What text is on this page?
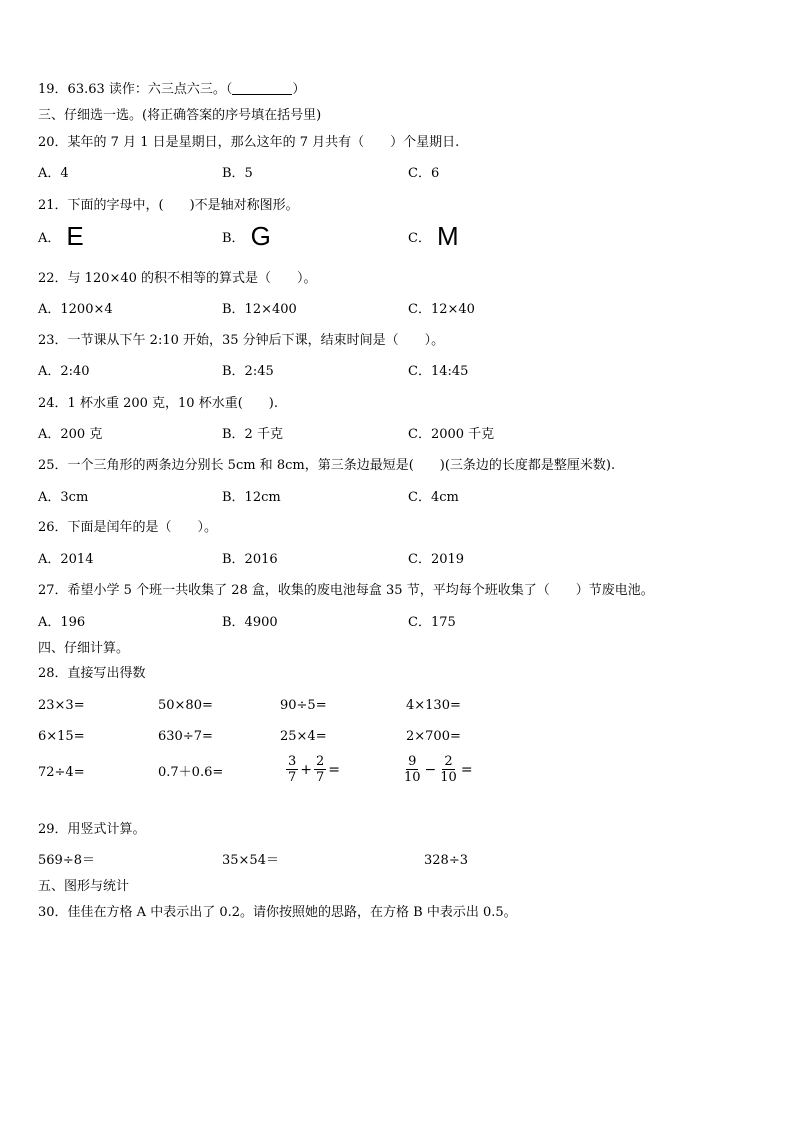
19．63.63 读作：六三点六三。（	）
三、仔细选一选。(将正确答案的序号填在括号里)
20．某年的 7 月 1 日是星期日，那么这年的 7 月共有（　　）个星期日.
A．4	B．5	C．6
21．下面的字母中，(　　)不是轴对称图形。
A． E	B． G	C． M
22．与 120×40 的积不相等的算式是（　　）。
A．1200×4	B．12×400	C．12×40
23．一节课从下午 2:10 开始，35 分钟后下课，结束时间是（　　）。
A．2:40	B．2:45	C．14:45
24．1 杯水重 200 克，10 杯水重(　　).
A．200 克	B．2 千克	C．2000 千克
25．一个三角形的两条边分别长 5cm 和 8cm，第三条边最短是(　　)(三条边的长度都是整厘米数).
A．3cm	B．12cm	C．4cm
26．下面是闰年的是（　　）。
A．2014	B．2016	C．2019
27．希望小学 5 个班一共收集了 28 盒，收集的废电池每盒 35 节，平均每个班收集了（　　）节废电池。
A．196	B．4900	C．175
四、仔细计算。
28．直接写出得数
23×3=	50×80=	90÷5=	4×130=
6×15=	630÷7=	25×4=	2×700=
72÷4=	0.7＋0.6=	$\frac{3}{7} + \frac{2}{7}$ =	$\frac{9}{10} - \frac{2}{10}$ =
29．用竖式计算。
569÷8＝	35×54＝	328÷3
五、图形与统计
30．佳佳在方格 A 中表示出了 0.2。请你按照她的思路，在方格 B 中表示出 0.5。
